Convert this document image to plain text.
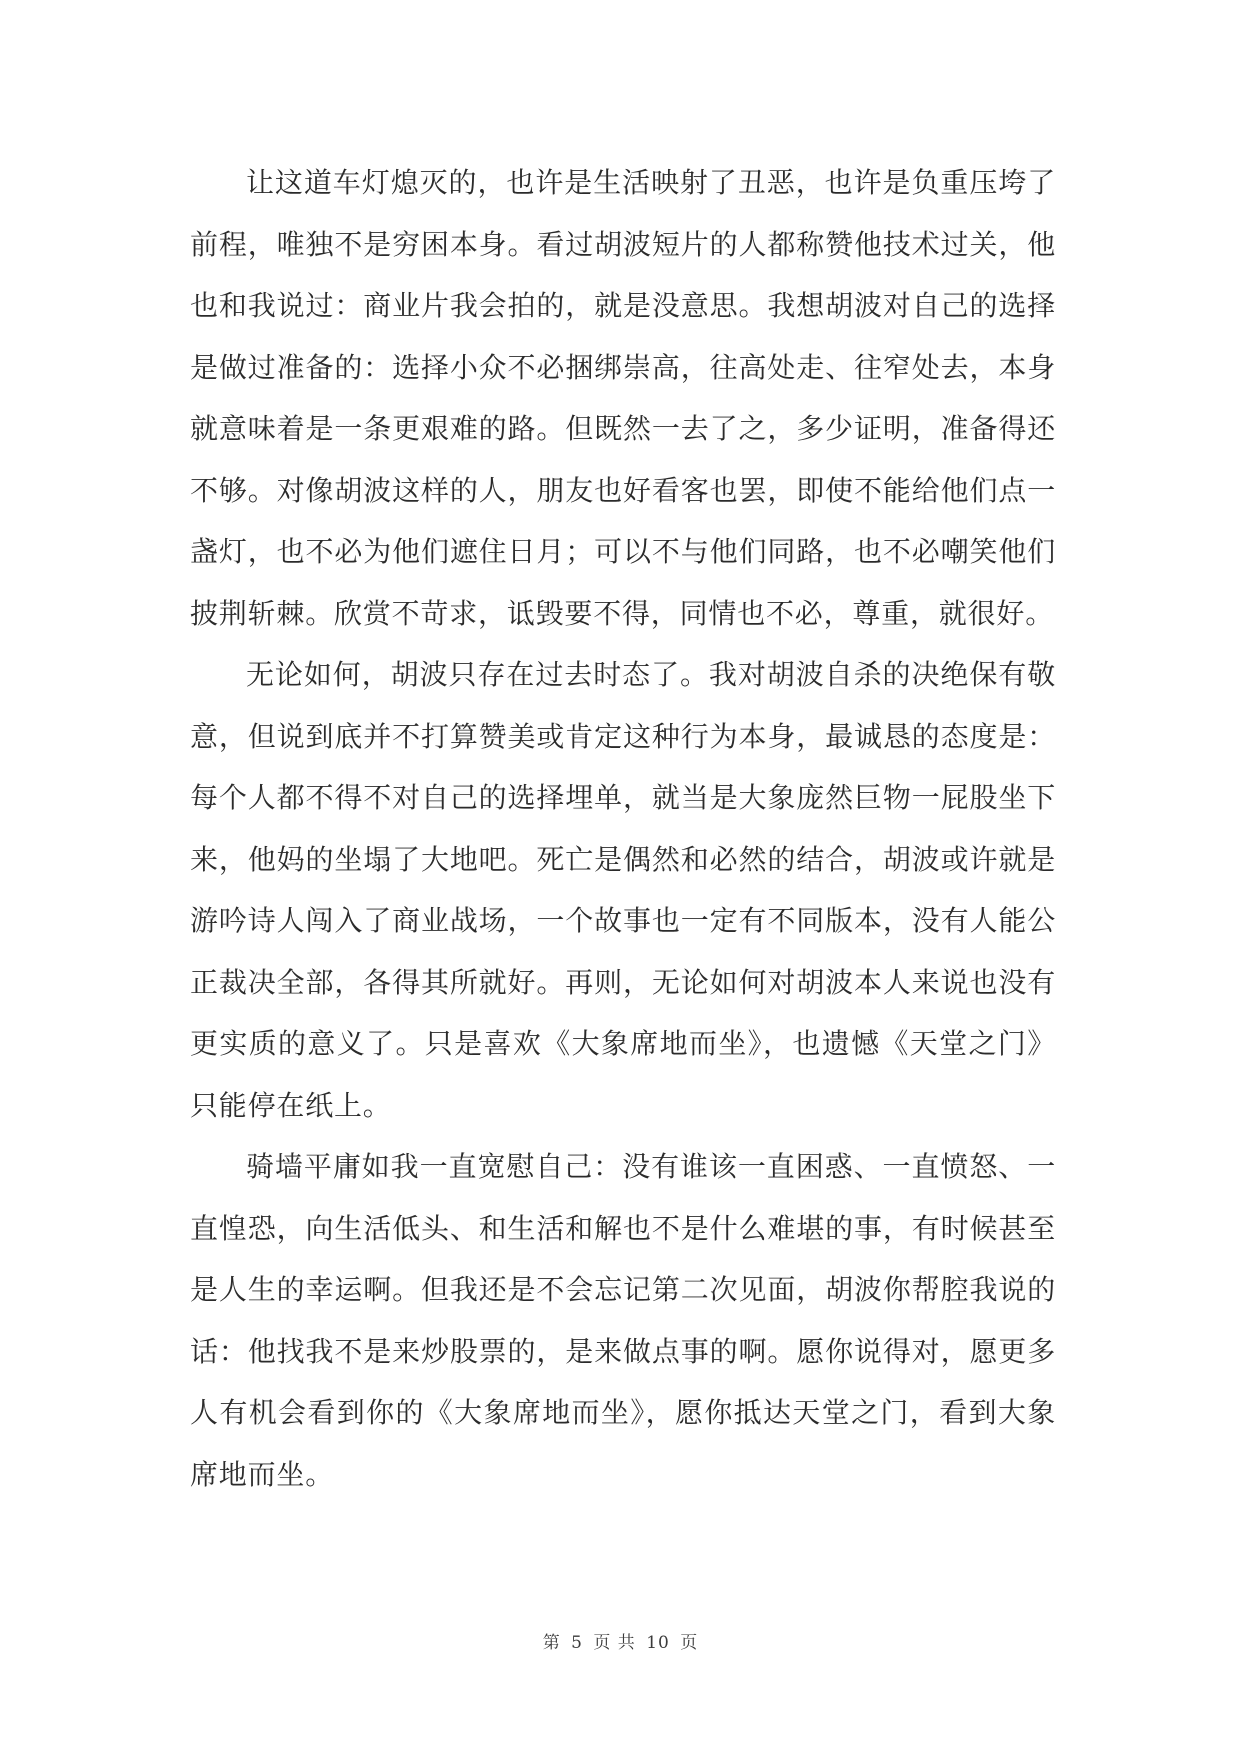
让这道车灯熄灭的，也许是生活映射了丑恶，也许是负重压垮了前程，唯独不是穷困本身。看过胡波短片的人都称赞他技术过关，他也和我说过：商业片我会拍的，就是没意思。我想胡波对自己的选择是做过准备的：选择小众不必捆绑崇高，往高处走、往窄处去，本身就意味着是一条更艰难的路。但既然一去了之，多少证明，准备得还不够。对像胡波这样的人，朋友也好看客也罢，即使不能给他们点一盏灯，也不必为他们遮住日月；可以不与他们同路，也不必嘲笑他们披荆斩棘。欣赏不苛求，诋毁要不得，同情也不必，尊重，就很好。

无论如何，胡波只存在过去时态了。我对胡波自杀的决绝保有敬意，但说到底并不打算赞美或肯定这种行为本身，最诚恳的态度是：每个人都不得不对自己的选择埋单，就当是大象庞然巨物一屁股坐下来，他妈的坐塌了大地吧。死亡是偶然和必然的结合，胡波或许就是游吟诗人闯入了商业战场，一个故事也一定有不同版本，没有人能公正裁决全部，各得其所就好。再则，无论如何对胡波本人来说也没有更实质的意义了。只是喜欢《大象席地而坐》，也遗憾《天堂之门》只能停在纸上。

骑墙平庸如我一直宽慰自己：没有谁该一直困惑、一直愤怒、一直惶恐，向生活低头、和生活和解也不是什么难堪的事，有时候甚至是人生的幸运啊。但我还是不会忘记第二次见面，胡波你帮腔我说的话：他找我不是来炒股票的，是来做点事的啊。愿你说得对，愿更多人有机会看到你的《大象席地而坐》，愿你抵达天堂之门，看到大象席地而坐。

第 5 页 共 10 页
